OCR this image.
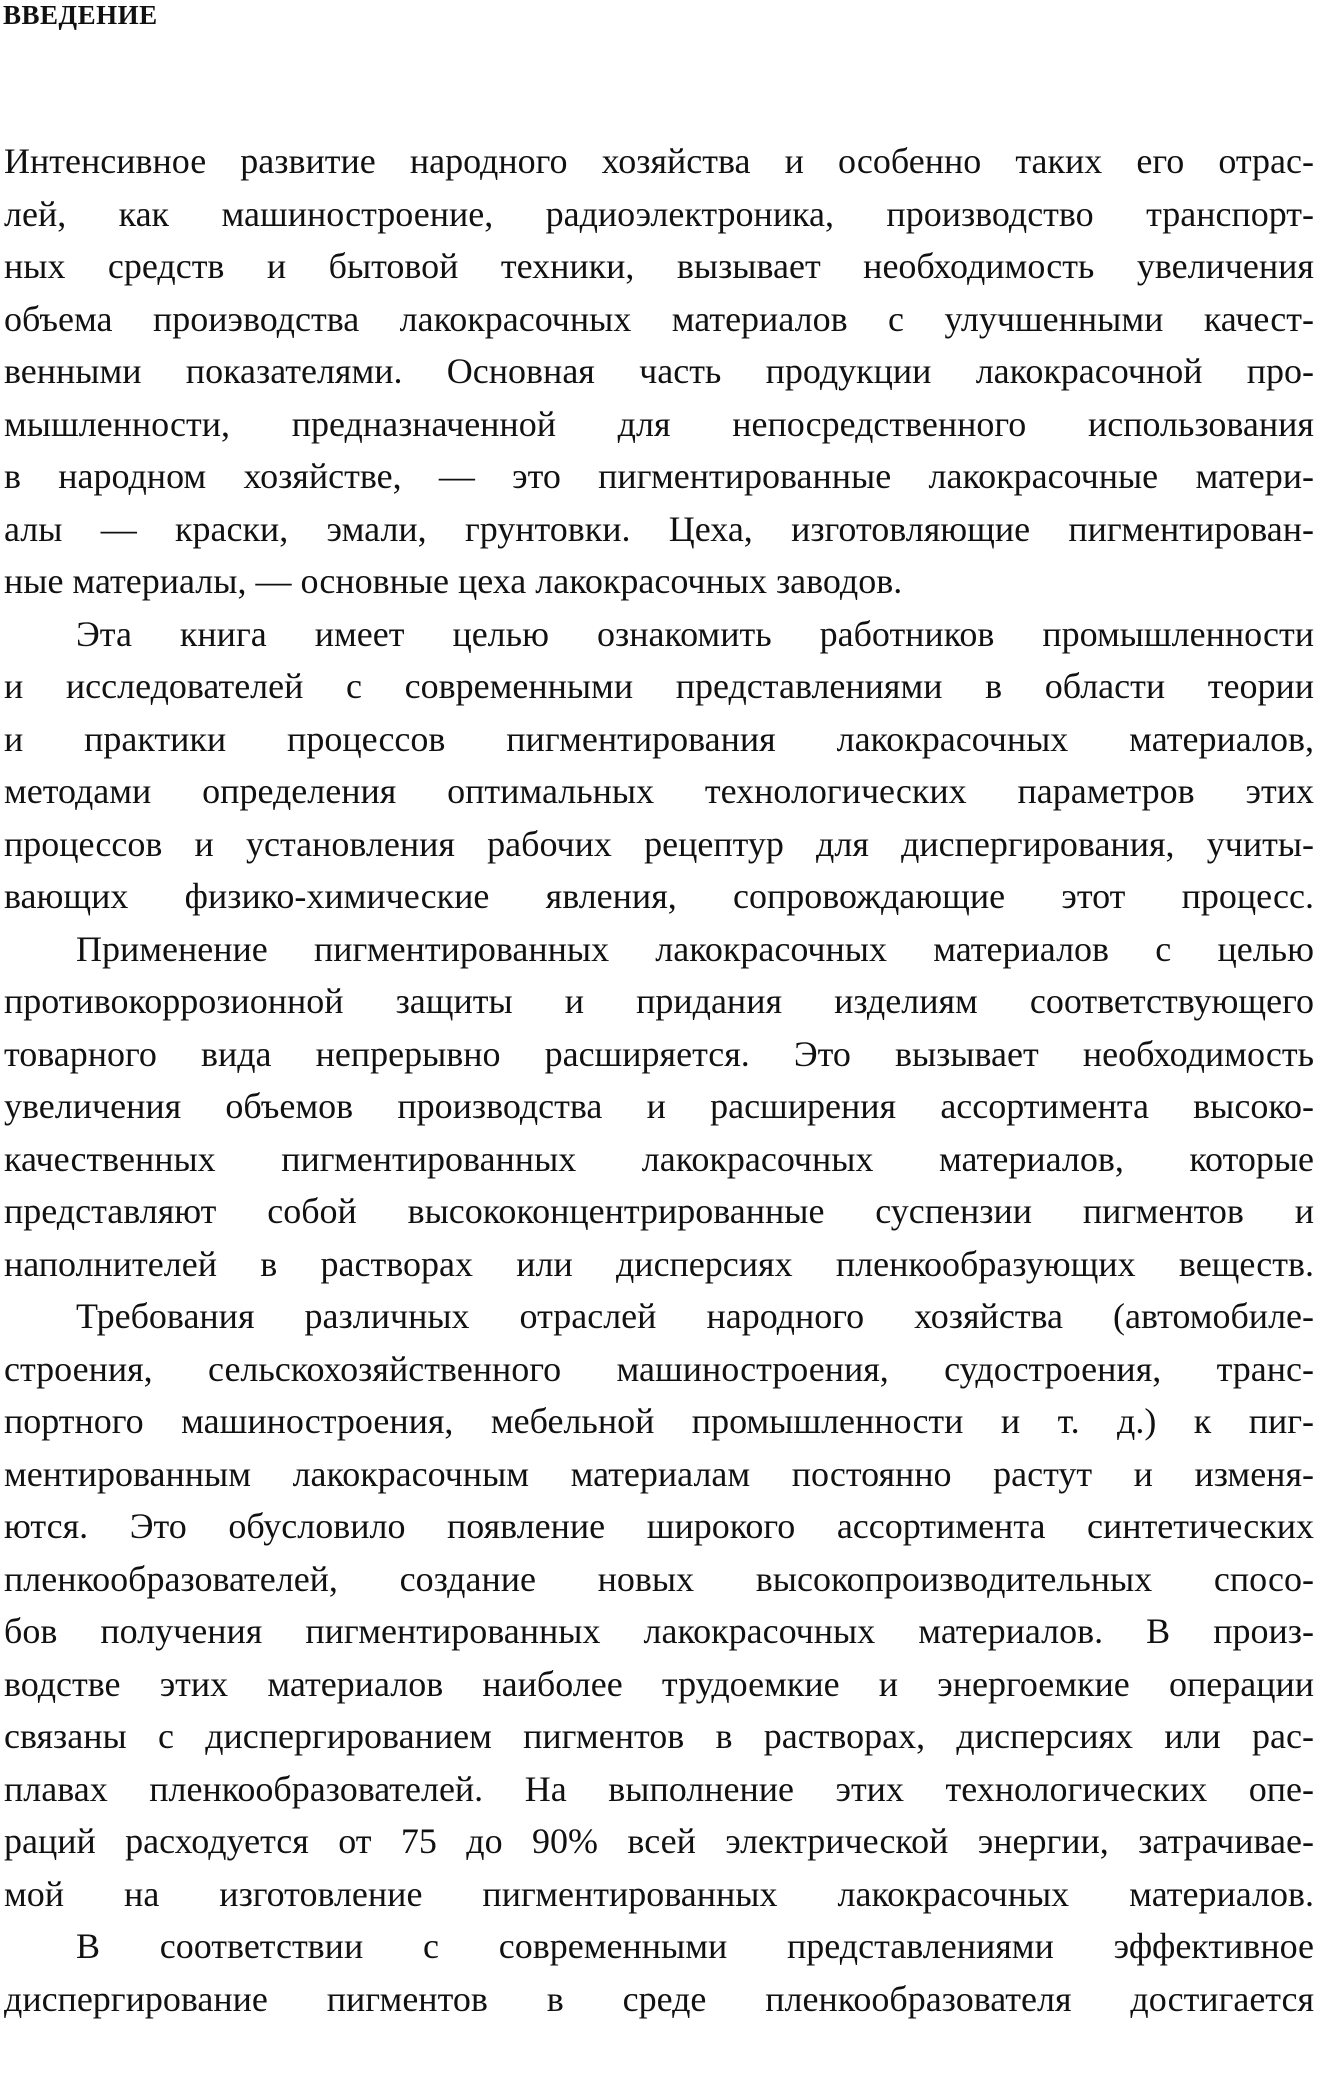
ВВЕДЕНИЕ
Интенсивное развитие народного хозяйства и особенно таких его отрас-
лей, как машиностроение, радиоэлектроника, производство транспорт-
ных средств и бытовой техники, вызывает необходимость увеличения
объема проиэводства лакокрасочных материалов с улучшенными качест-
венными показателями. Основная часть продукции лакокрасочной про-
мышленности, предназначенной для непосредственного использования
в народном хозяйстве, — это пигментированные лакокрасочные матери-
алы — краски, эмали, грунтовки. Цеха, изготовляющие пигментирован-
ные материалы, — основные цеха лакокрасочных заводов.
Эта книга имеет целью ознакомить работников промышленности
и исследователей с современными представлениями в области теории
и практики процессов пигментирования лакокрасочных материалов,
методами определения оптимальных технологических параметров этих
процессов и установления рабочих рецептур для диспергирования, учиты-
вающих физико-химические явления, сопровождающие этот процесс.
Применение пигментированных лакокрасочных материалов с целью
противокоррозионной защиты и придания изделиям соответствующего
товарного вида непрерывно расширяется. Это вызывает необходимость
увеличения объемов производства и расширения ассортимента высоко-
качественных пигментированных лакокрасочных материалов, которые
представляют собой высококонцентрированные суспензии пигментов и
наполнителей в растворах или дисперсиях пленкообразующих веществ.
Требования различных отраслей народного хозяйства (автомобиле-
строения, сельскохозяйственного машиностроения, судостроения, транс-
портного машиностроения, мебельной промышленности и т. д.) к пиг-
ментированным лакокрасочным материалам постоянно растут и изменя-
ются. Это обусловило появление широкого ассортимента синтетических
пленкообразователей, создание новых высокопроизводительных спосо-
бов получения пигментированных лакокрасочных материалов. В произ-
водстве этих материалов наиболее трудоемкие и энергоемкие операции
связаны с диспергированием пигментов в растворах, дисперсиях или рас-
плавах пленкообразователей. На выполнение этих технологических опе-
раций расходуется от 75 до 90% всей электрической энергии, затрачивае-
мой на изготовление пигментированных лакокрасочных материалов.
В соответствии с современными представлениями эффективное
диспергирование пигментов в среде пленкообразователя достигается
